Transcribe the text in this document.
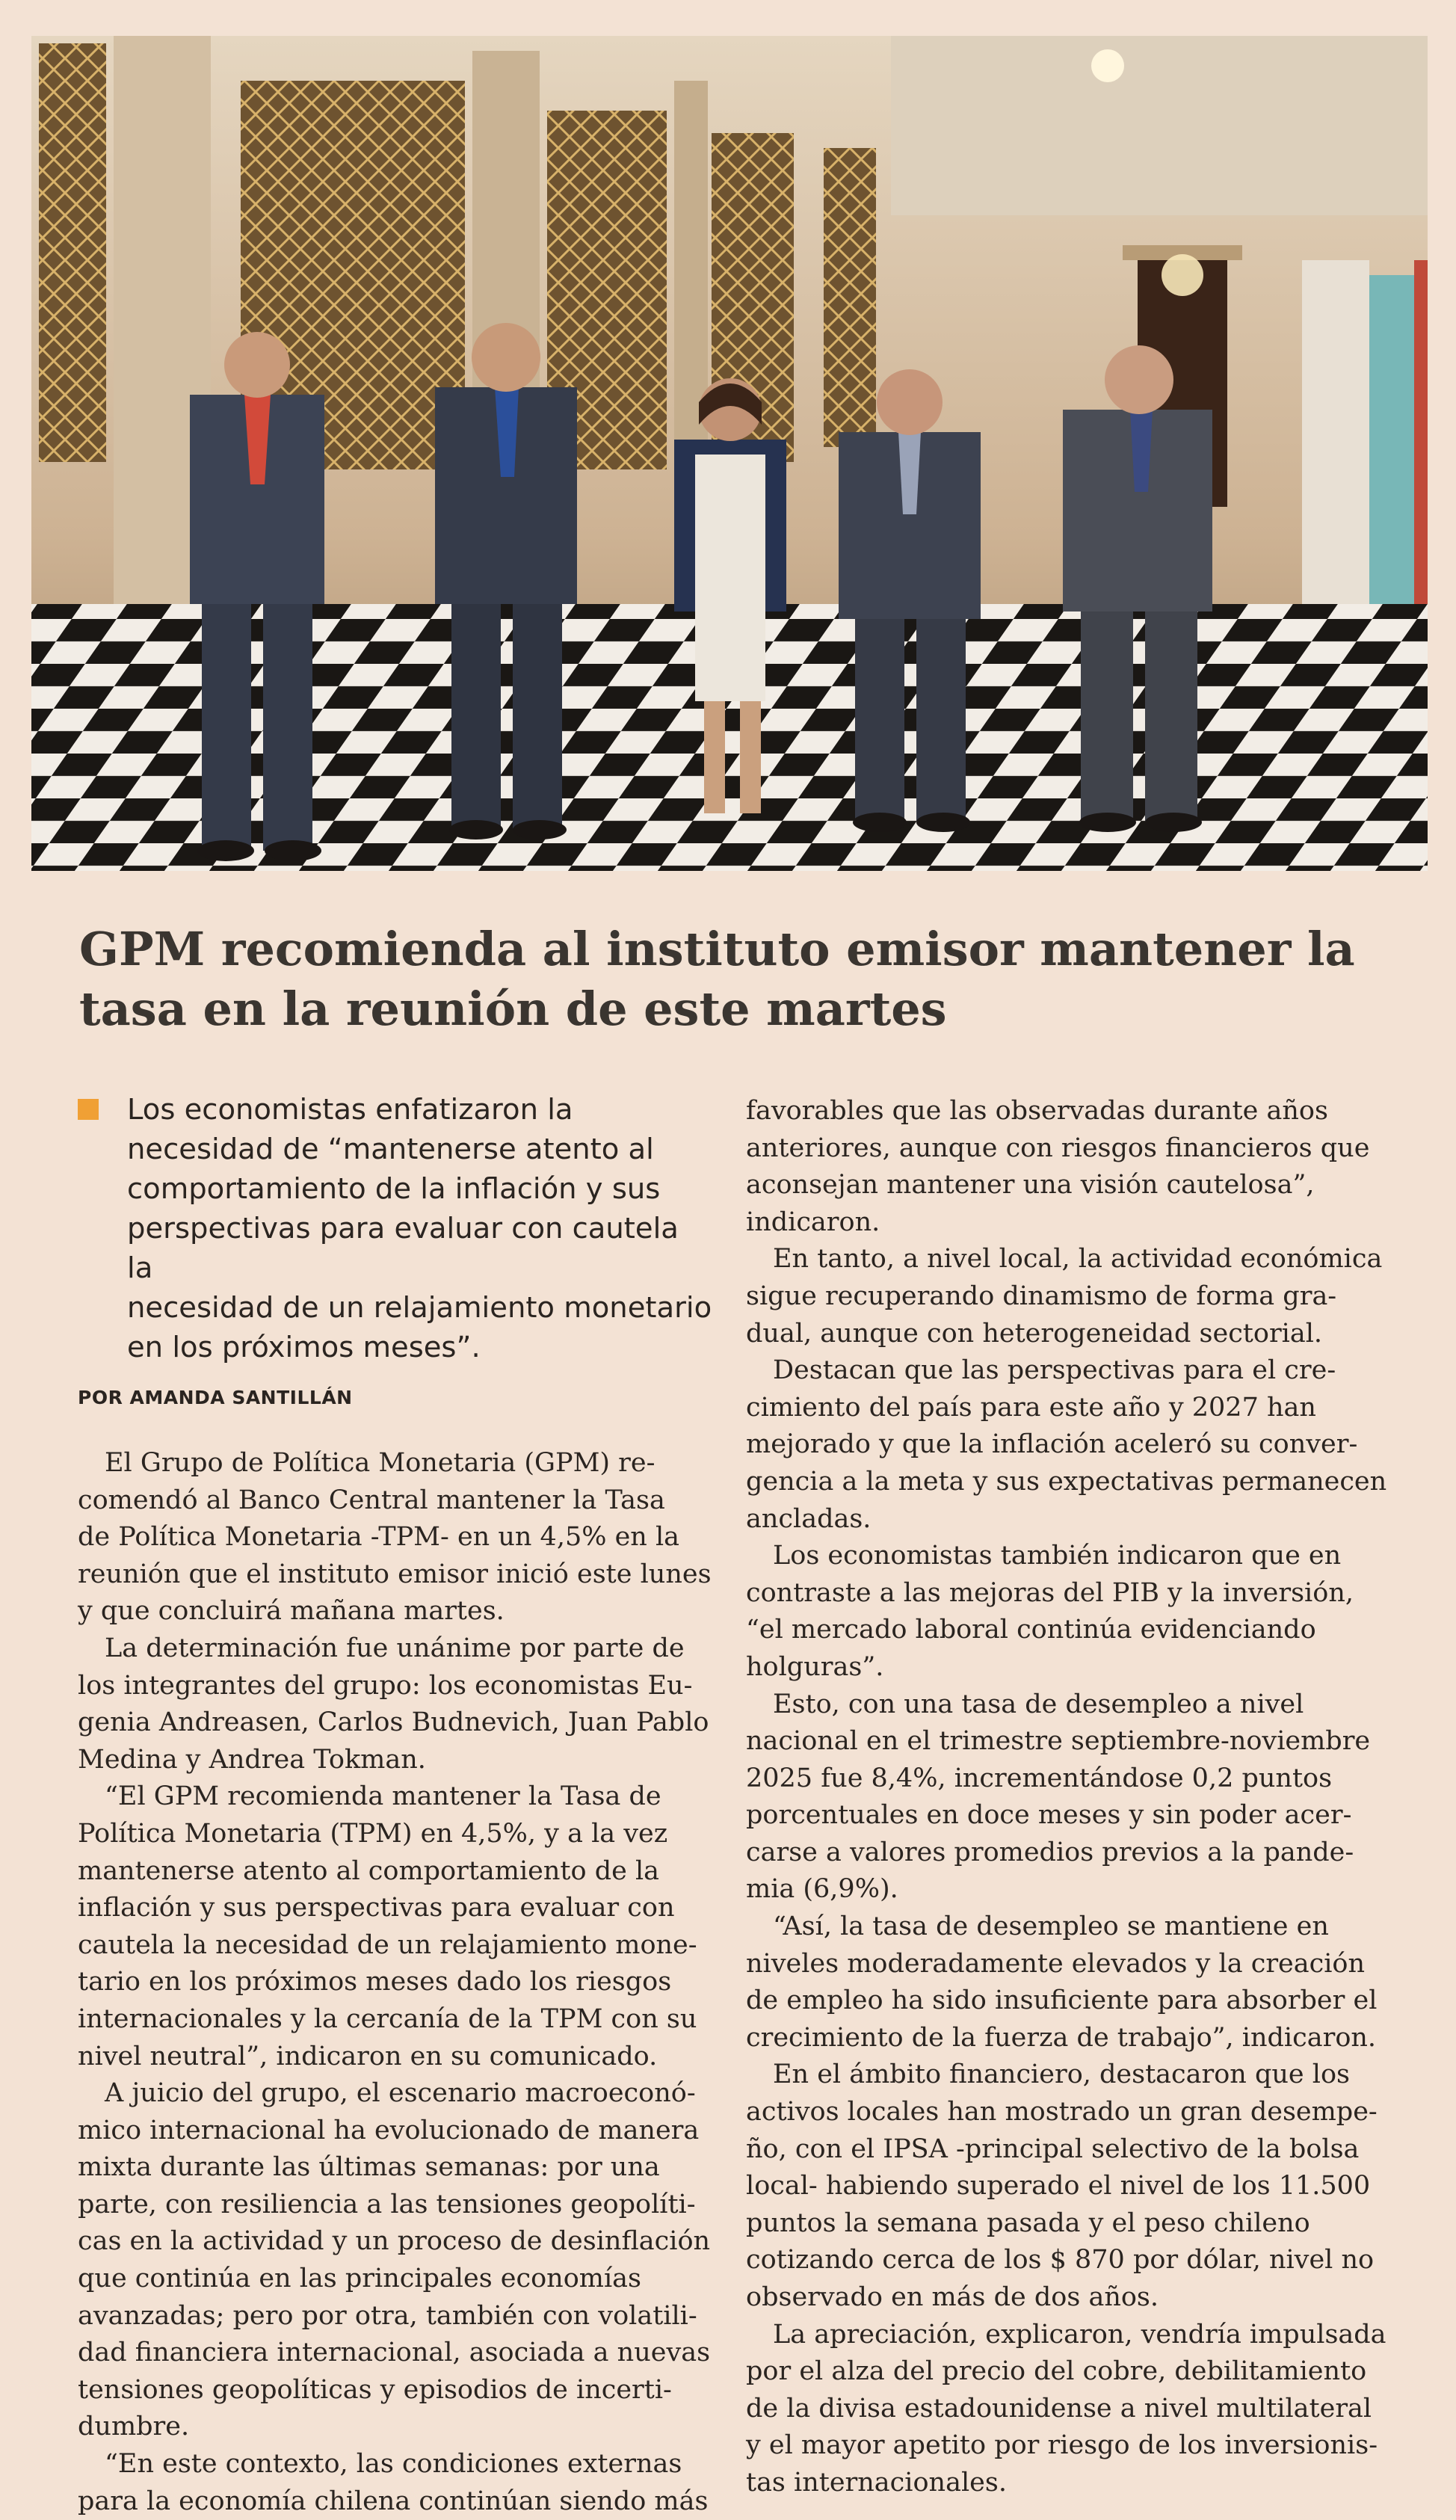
GPM recomienda al instituto emisor mantener la
tasa en la reunión de este martes

Los economistas enfatizaron la
necesidad de “mantenerse atento al
comportamiento de la inflación y sus
perspectivas para evaluar con cautela la
necesidad de un relajamiento monetario
en los próximos meses”.

POR AMANDA SANTILLÁN

El Grupo de Política Monetaria (GPM) re-
comendó al Banco Central mantener la Tasa
de Política Monetaria -TPM- en un 4,5% en la
reunión que el instituto emisor inició este lunes
y que concluirá mañana martes.

La determinación fue unánime por parte de
los integrantes del grupo: los economistas Eu-
genia Andreasen, Carlos Budnevich, Juan Pablo
Medina y Andrea Tokman.

“El GPM recomienda mantener la Tasa de
Política Monetaria (TPM) en 4,5%, y a la vez
mantenerse atento al comportamiento de la
inflación y sus perspectivas para evaluar con
cautela la necesidad de un relajamiento mone-
tario en los próximos meses dado los riesgos
internacionales y la cercanía de la TPM con su
nivel neutral”, indicaron en su comunicado.

A juicio del grupo, el escenario macroeconó-
mico internacional ha evolucionado de manera
mixta durante las últimas semanas: por una
parte, con resiliencia a las tensiones geopolíti-
cas en la actividad y un proceso de desinflación
que continúa en las principales economías
avanzadas; pero por otra, también con volatili-
dad financiera internacional, asociada a nuevas
tensiones geopolíticas y episodios de incerti-
dumbre.

“En este contexto, las condiciones externas
para la economía chilena continúan siendo más

favorables que las observadas durante años
anteriores, aunque con riesgos financieros que
aconsejan mantener una visión cautelosa”,
indicaron.

En tanto, a nivel local, la actividad económica
sigue recuperando dinamismo de forma gra-
dual, aunque con heterogeneidad sectorial.

Destacan que las perspectivas para el cre-
cimiento del país para este año y 2027 han
mejorado y que la inflación aceleró su conver-
gencia a la meta y sus expectativas permanecen
ancladas.

Los economistas también indicaron que en
contraste a las mejoras del PIB y la inversión,
“el mercado laboral continúa evidenciando
holguras”.

Esto, con una tasa de desempleo a nivel
nacional en el trimestre septiembre-noviembre
2025 fue 8,4%, incrementándose 0,2 puntos
porcentuales en doce meses y sin poder acer-
carse a valores promedios previos a la pande-
mia (6,9%).

“Así, la tasa de desempleo se mantiene en
niveles moderadamente elevados y la creación
de empleo ha sido insuficiente para absorber el
crecimiento de la fuerza de trabajo”, indicaron.

En el ámbito financiero, destacaron que los
activos locales han mostrado un gran desempe-
ño, con el IPSA -principal selectivo de la bolsa
local- habiendo superado el nivel de los 11.500
puntos la semana pasada y el peso chileno
cotizando cerca de los $ 870 por dólar, nivel no
observado en más de dos años.

La apreciación, explicaron, vendría impulsada
por el alza del precio del cobre, debilitamiento
de la divisa estadounidense a nivel multilateral
y el mayor apetito por riesgo de los inversionis-
tas internacionales.
